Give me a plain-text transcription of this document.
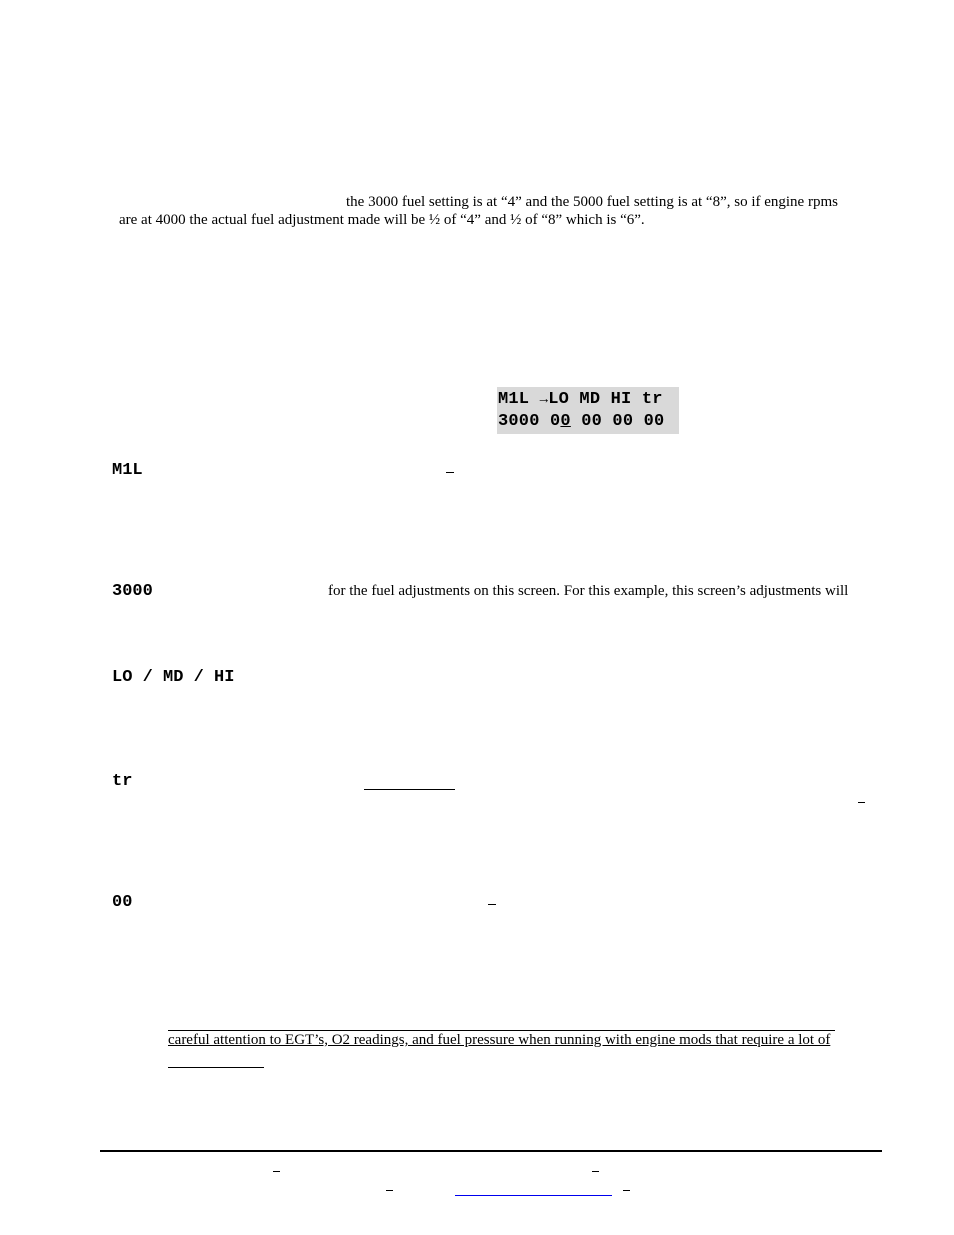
the 3000 fuel setting is at “4” and the 5000 fuel setting is at “8”, so if engine rpms
are at 4000 the actual fuel adjustment made will be ½ of “4” and ½ of “8” which is “6”.
M1L →LO MD HI tr
3000 00 00 00 00
M1L
3000	for the fuel adjustments on this screen. For this example, this screen’s adjustments will
LO / MD / HI
tr
00
careful attention to EGT’s, O2 readings, and fuel pressure when running with engine mods that require a lot of
